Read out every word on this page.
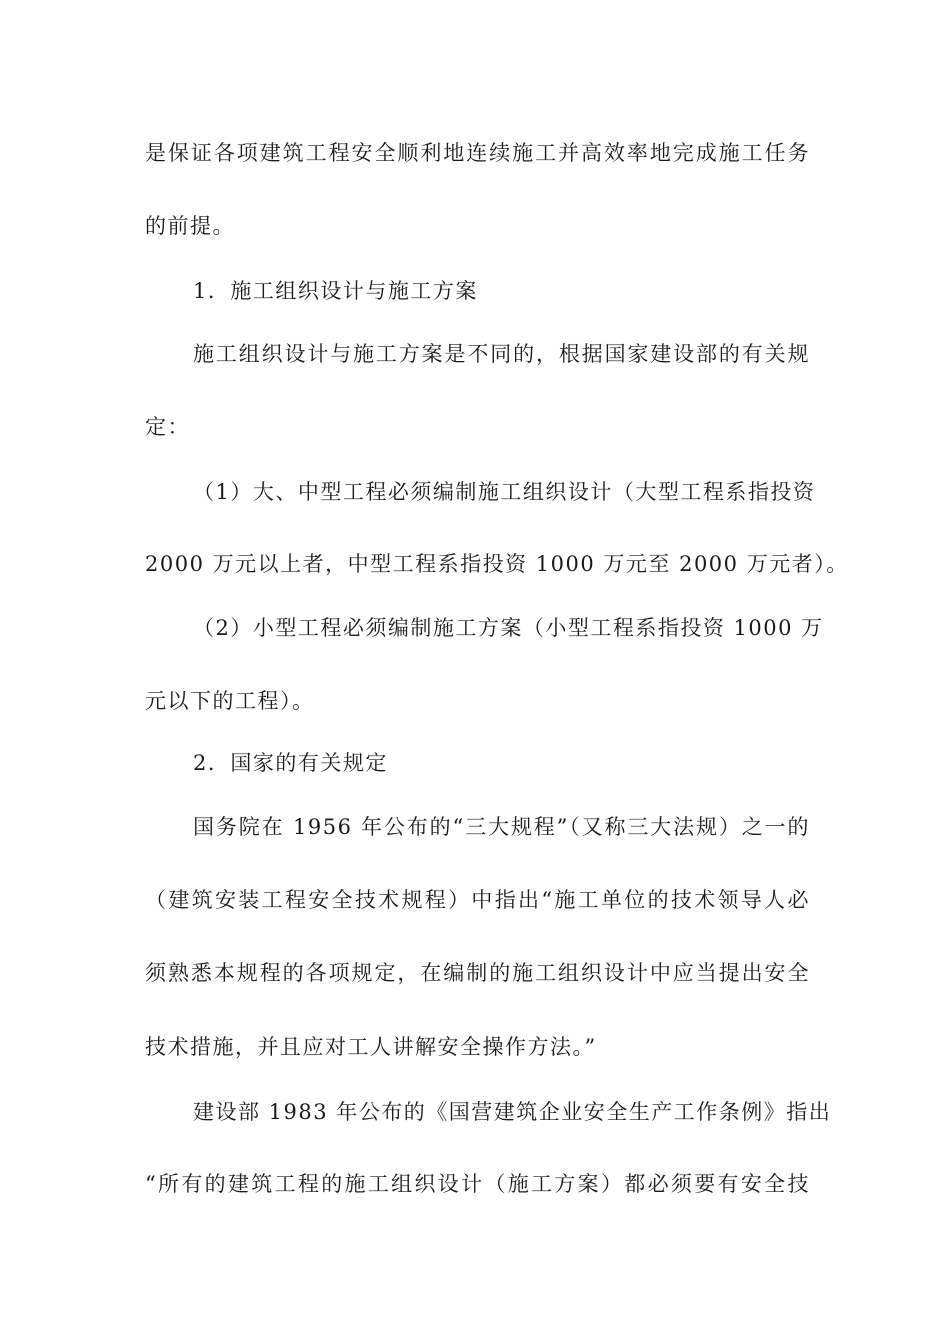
是保证各项建筑工程安全顺利地连续施工并高效率地完成施工任务
的前提。
1．施工组织设计与施工方案
施工组织设计与施工方案是不同的，根据国家建设部的有关规
定：
（1）大、中型工程必须编制施工组织设计（大型工程系指投资
2000 万元以上者，中型工程系指投资 1000 万元至 2000 万元者）。
（2）小型工程必须编制施工方案（小型工程系指投资 1000 万
元以下的工程）。
2．国家的有关规定
国务院在 1956 年公布的“三大规程”（又称三大法规）之一的
（建筑安装工程安全技术规程）中指出“施工单位的技术领导人必
须熟悉本规程的各项规定，在编制的施工组织设计中应当提出安全
技术措施，并且应对工人讲解安全操作方法。”
建设部 1983 年公布的《国营建筑企业安全生产工作条例》指出
“所有的建筑工程的施工组织设计（施工方案）都必须要有安全技
